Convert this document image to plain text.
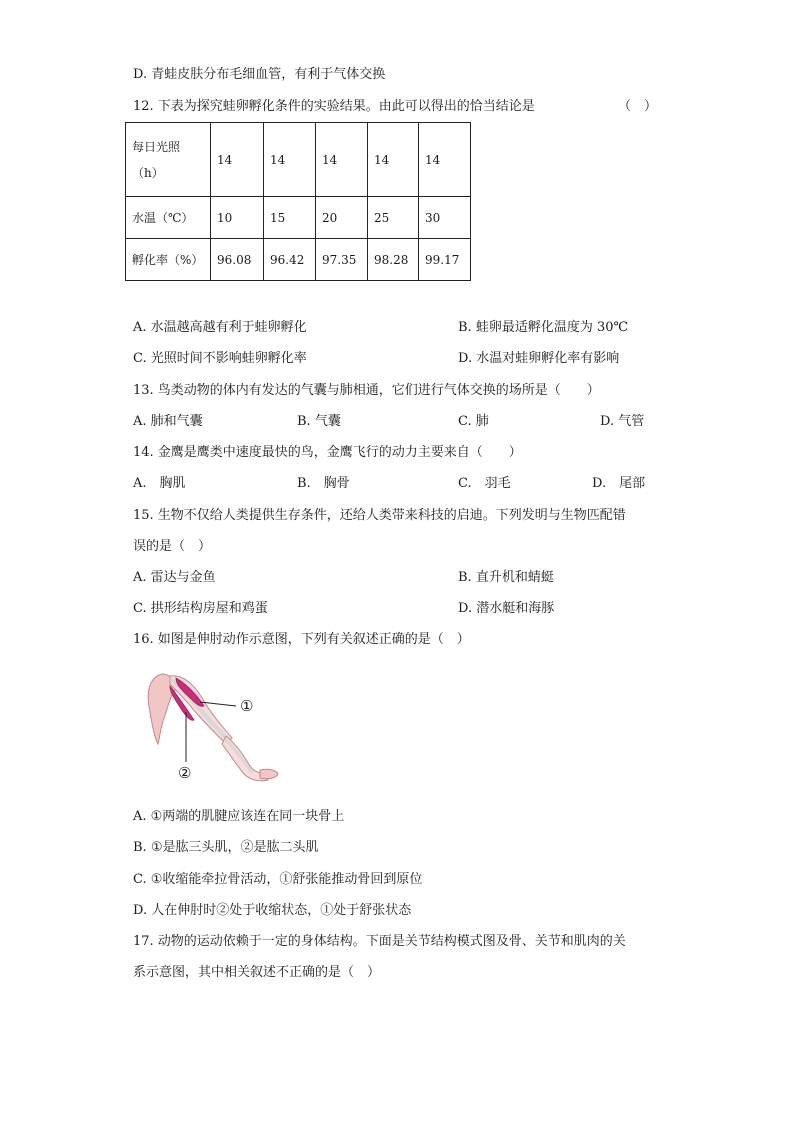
D. 青蛙皮肤分布毛细血管，有利于气体交换
12. 下表为探究蛙卵孵化条件的实验结果。由此可以得出的恰当结论是	（　）
每日光照
（h）	14	14	14	14	14
水温（℃）	10	15	20	25	30
孵化率（%）	96.08	96.42	97.35	98.28	99.17
A. 水温越高越有利于蛙卵孵化	B. 蛙卵最适孵化温度为 30℃
C. 光照时间不影响蛙卵孵化率	D. 水温对蛙卵孵化率有影响
13. 鸟类动物的体内有发达的气囊与肺相通，它们进行气体交换的场所是（　　）
A. 肺和气囊	B. 气囊	C. 肺	D. 气管
14. 金鹰是鹰类中速度最快的鸟，金鹰飞行的动力主要来自（　　）
A.　胸肌	B.　胸骨	C.　羽毛	D.　尾部
15. 生物不仅给人类提供生存条件，还给人类带来科技的启迪。下列发明与生物匹配错
误的是（　）
A. 雷达与金鱼	B. 直升机和蜻蜓
C. 拱形结构房屋和鸡蛋	D. 潜水艇和海豚
16. 如图是伸肘动作示意图，下列有关叙述正确的是（　）
①
②
A. ①两端的肌腱应该连在同一块骨上
B. ①是肱三头肌，②是肱二头肌
C. ①收缩能牵拉骨活动，①舒张能推动骨回到原位
D. 人在伸肘时②处于收缩状态，①处于舒张状态
17. 动物的运动依赖于一定的身体结构。下面是关节结构模式图及骨、关节和肌肉的关
系示意图，其中相关叙述不正确的是（　）
